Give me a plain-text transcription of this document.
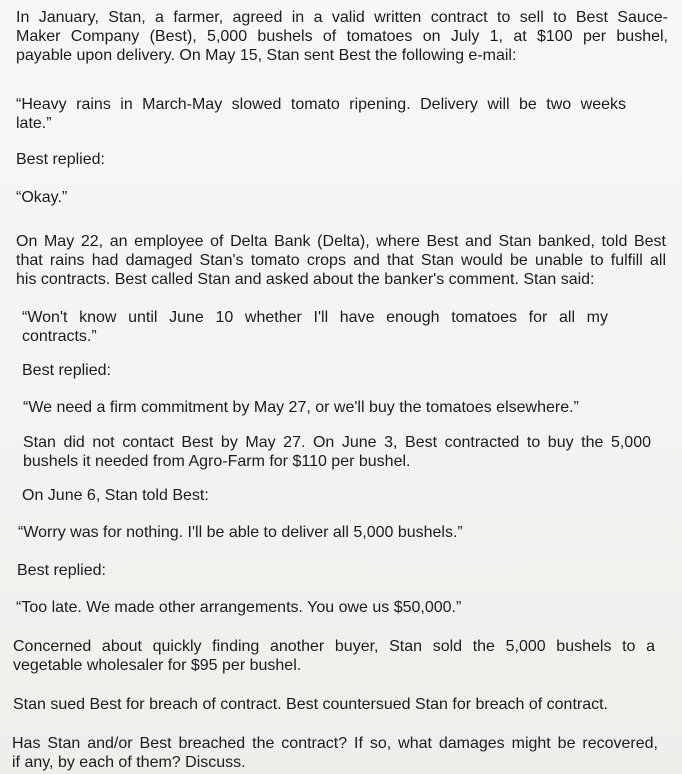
In January, Stan, a farmer, agreed in a valid written contract to sell to Best Sauce-
Maker Company (Best), 5,000 bushels of tomatoes on July 1, at $100 per bushel,
payable upon delivery. On May 15, Stan sent Best the following e-mail:

“Heavy rains in March-May slowed tomato ripening. Delivery will be two weeks
late.”

Best replied:

“Okay.”

On May 22, an employee of Delta Bank (Delta), where Best and Stan banked, told Best
that rains had damaged Stan's tomato crops and that Stan would be unable to fulfill all
his contracts. Best called Stan and asked about the banker's comment. Stan said:

“Won't know until June 10 whether I'll have enough tomatoes for all my
contracts.”

Best replied:

“We need a firm commitment by May 27, or we'll buy the tomatoes elsewhere.”

Stan did not contact Best by May 27. On June 3, Best contracted to buy the 5,000
bushels it needed from Agro-Farm for $110 per bushel.

On June 6, Stan told Best:

“Worry was for nothing. I'll be able to deliver all 5,000 bushels.”

Best replied:

“Too late. We made other arrangements. You owe us $50,000.”

Concerned about quickly finding another buyer, Stan sold the 5,000 bushels to a
vegetable wholesaler for $95 per bushel.

Stan sued Best for breach of contract. Best countersued Stan for breach of contract.

Has Stan and/or Best breached the contract? If so, what damages might be recovered,
if any, by each of them? Discuss.
